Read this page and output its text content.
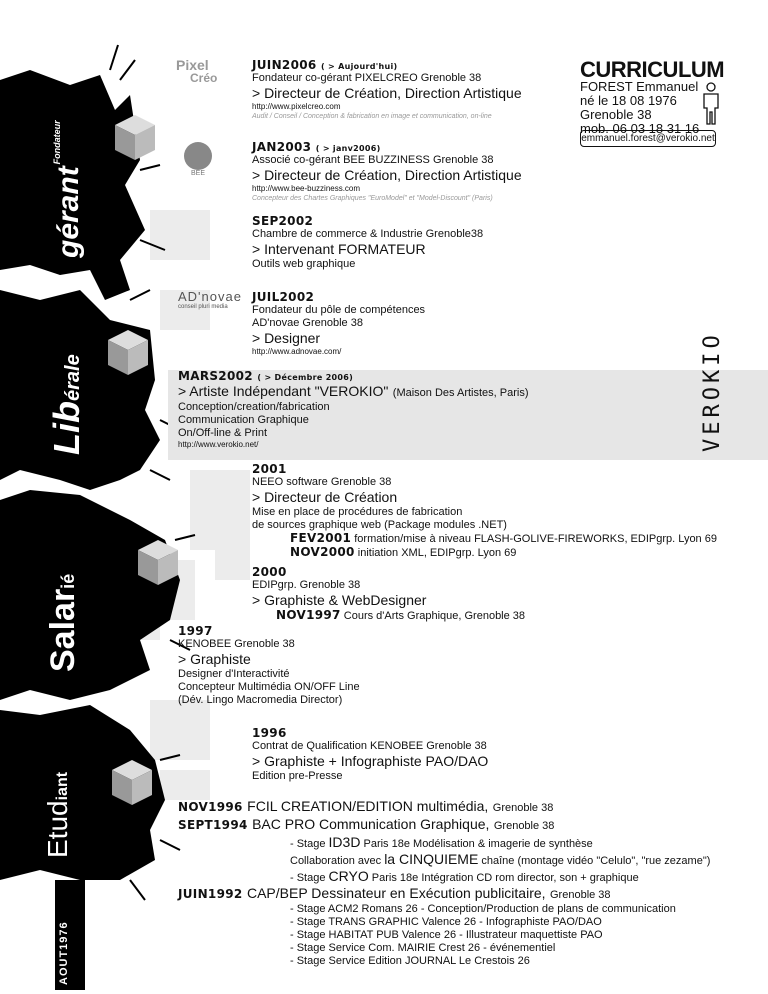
gérant$^{Fondateur}$
Libérale
Salarié
Etudiant
AOUT1976
CURRICULUM
FOREST Emmanuel
né le 18 08 1976
Grenoble 38
mob. 06 03 18 31 16
emmanuel.forest@verokio.net
Pixel
Créo
BEE
AD'novae
conseil pluri media
VEROKIO
JUIN2006 ( > Aujourd'hui)
Fondateur co-gérant PIXELCREO Grenoble 38
> Directeur de Création, Direction Artistique
http://www.pixelcreo.com
Audit / Conseil / Conception & fabrication en image et communication, on-line
JAN2003 ( > janv2006)
Associé co-gérant BEE BUZZINESS Grenoble 38
> Directeur de Création, Direction Artistique
http://www.bee-buzziness.com
Concepteur des Chartes Graphiques "EuroModel" et "Model-Discount" (Paris)
SEP2002
Chambre de commerce & Industrie Grenoble38
> Intervenant FORMATEUR
Outils web graphique
JUIL2002
Fondateur du pôle de compétences
AD'novae Grenoble 38
> Designer
http://www.adnovae.com/
MARS2002 ( > Décembre 2006)
> Artiste Indépendant "VEROKIO" (Maison Des Artistes, Paris)
Conception/creation/fabrication
Communication Graphique
On/Off-line & Print
http://www.verokio.net/
2001
NEEO software Grenoble 38
> Directeur de Création
Mise en place de procédures de fabrication
de sources graphique web (Package modules .NET)
FEV2001 formation/mise à niveau FLASH-GOLIVE-FIREWORKS, EDIPgrp. Lyon 69
NOV2000 initiation XML, EDIPgrp. Lyon 69
2000
EDIPgrp. Grenoble 38
> Graphiste & WebDesigner
NOV1997 Cours d'Arts Graphique, Grenoble 38
1997
KENOBEE Grenoble 38
> Graphiste
Designer d'Interactivité
Concepteur Multimédia ON/OFF Line
(Dév. Lingo Macromedia Director)
1996
Contrat de Qualification KENOBEE Grenoble 38
> Graphiste + Infographiste PAO/DAO
Edition pre-Presse
NOV1996 FCIL CREATION/EDITION multimédia, Grenoble 38
SEPT1994 BAC PRO Communication Graphique, Grenoble 38
- Stage ID3D Paris 18e Modélisation & imagerie de synthèse
Collaboration avec la CINQUIEME chaîne (montage vidéo "Celulo", "rue zezame")
- Stage CRYO Paris 18e Intégration CD rom director, son + graphique
JUIN1992 CAP/BEP Dessinateur en Exécution publicitaire, Grenoble 38
- Stage ACM2 Romans 26 - Conception/Production de plans de communication
- Stage TRANS GRAPHIC Valence 26 - Infographiste PAO/DAO
- Stage HABITAT PUB Valence 26 - Illustrateur maquettiste PAO
- Stage Service Com. MAIRIE Crest 26 - événementiel
- Stage Service Edition JOURNAL Le Crestois 26
